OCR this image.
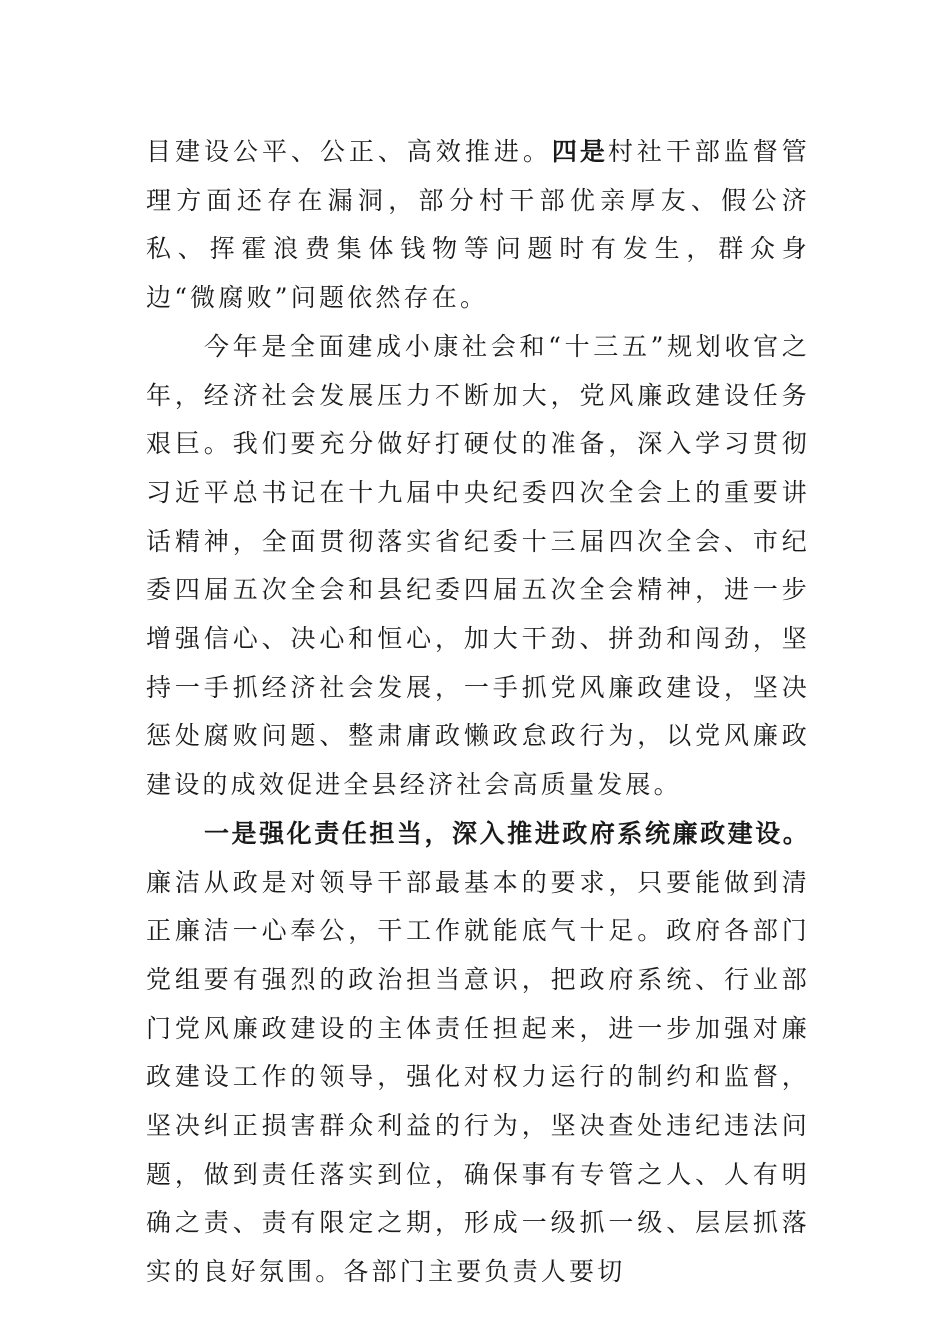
目建设公平、公正、高效推进。四是村社干部监督管理方面还存在漏洞，部分村干部优亲厚友、假公济私、挥霍浪费集体钱物等问题时有发生，群众身边“微腐败”问题依然存在。

今年是全面建成小康社会和“十三五”规划收官之年，经济社会发展压力不断加大，党风廉政建设任务艰巨。我们要充分做好打硬仗的准备，深入学习贯彻习近平总书记在十九届中央纪委四次全会上的重要讲话精神，全面贯彻落实省纪委十三届四次全会、市纪委四届五次全会和县纪委四届五次全会精神，进一步增强信心、决心和恒心，加大干劲、拼劲和闯劲，坚持一手抓经济社会发展，一手抓党风廉政建设，坚决惩处腐败问题、整肃庸政懒政怠政行为，以党风廉政建设的成效促进全县经济社会高质量发展。

一是强化责任担当，深入推进政府系统廉政建设。廉洁从政是对领导干部最基本的要求，只要能做到清正廉洁一心奉公，干工作就能底气十足。政府各部门党组要有强烈的政治担当意识，把政府系统、行业部门党风廉政建设的主体责任担起来，进一步加强对廉政建设工作的领导，强化对权力运行的制约和监督，坚决纠正损害群众利益的行为，坚决查处违纪违法问题，做到责任落实到位，确保事有专管之人、人有明确之责、责有限定之期，形成一级抓一级、层层抓落实的良好氛围。各部门主要负责人要切
